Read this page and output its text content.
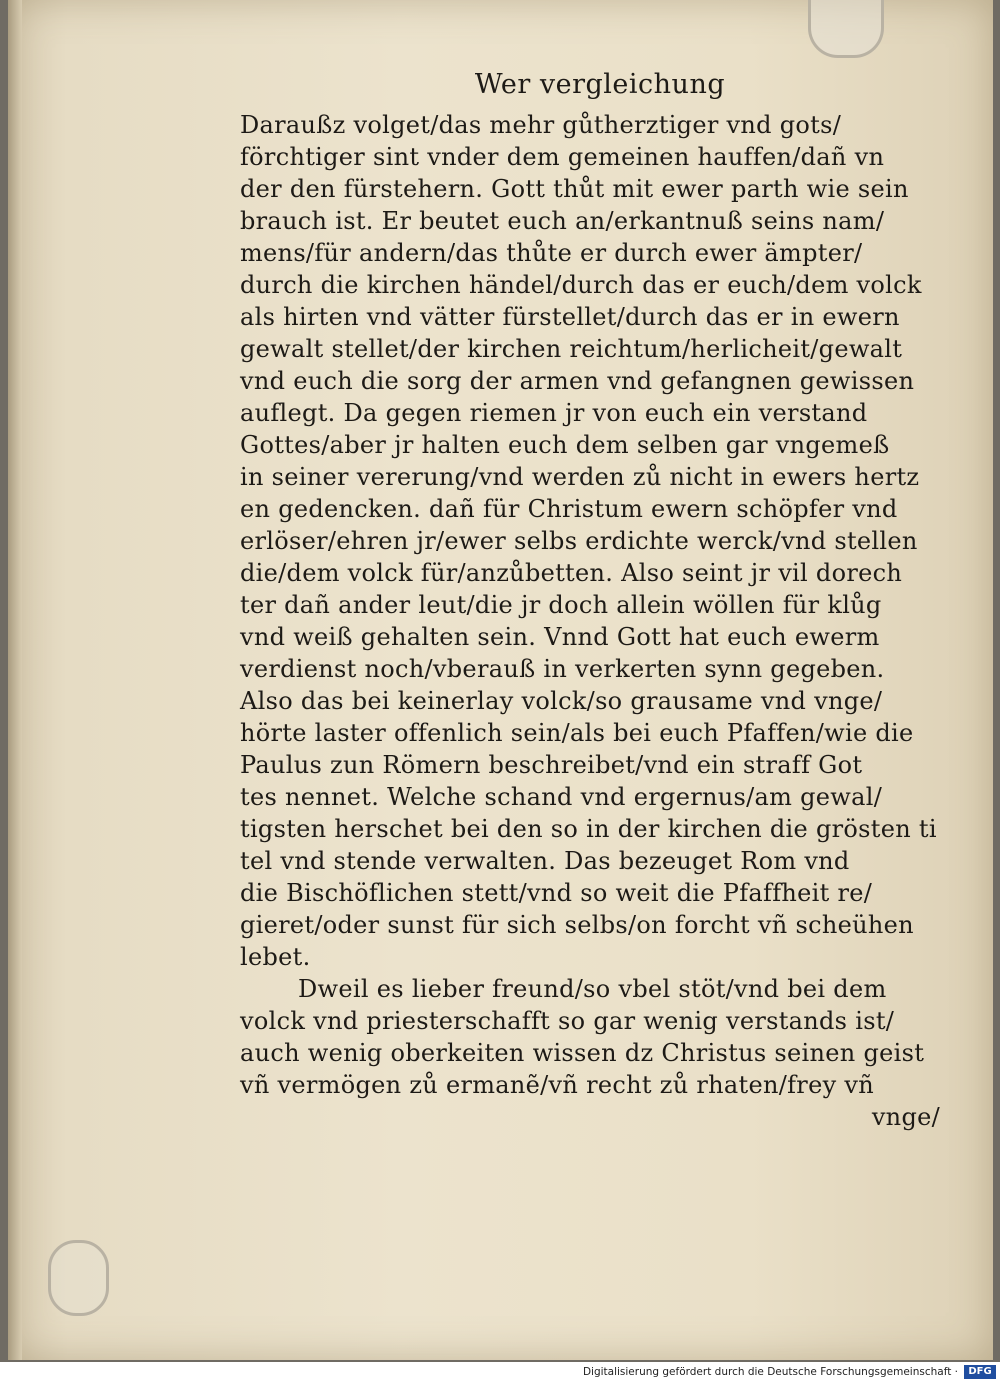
Wer vergleichung
Daraußz volget/das mehr gůtherztiger vnd gots/
förchtiger sint vnder dem gemeinen hauffen/dañ vn
der den fürstehern. Gott thůt mit ewer parth wie sein
brauch ist. Er beutet euch an/erkantnuß seins nam/
mens/für andern/das thůte er durch ewer ämpter/
durch die kirchen händel/durch das er euch/dem volck
als hirten vnd vätter fürstellet/durch das er in ewern
gewalt stellet/der kirchen reichtum/herlicheit/gewalt
vnd euch die sorg der armen vnd gefangnen gewissen
auflegt. Da gegen riemen jr von euch ein verstand
Gottes/aber jr halten euch dem selben gar vngemeß
in seiner vererung/vnd werden zů nicht in ewers hertz
en gedencken. dañ für Christum ewern schöpfer vnd
erlöser/ehren jr/ewer selbs erdichte werck/vnd stellen
die/dem volck für/anzůbetten. Also seint jr vil dorech
ter dañ ander leut/die jr doch allein wöllen für klůg
vnd weiß gehalten sein. Vnnd Gott hat euch ewerm
verdienst noch/vberauß in verkerten synn gegeben.
Also das bei keinerlay volck/so grausame vnd vnge/
hörte laster offenlich sein/als bei euch Pfaffen/wie die
Paulus zun Römern beschreibet/vnd ein straff Got
tes nennet. Welche schand vnd ergernus/am gewal/
tigsten herschet bei den so in der kirchen die grösten ti
tel vnd stende verwalten. Das bezeuget Rom vnd
die Bischöflichen stett/vnd so weit die Pfaffheit re/
gieret/oder sunst für sich selbs/on forcht vñ scheühen
lebet.
Dweil es lieber freund/so vbel stöt/vnd bei dem
volck vnd priesterschafft so gar wenig verstands ist/
auch wenig oberkeiten wissen dz Christus seinen geist
vñ vermögen zů ermanẽ/vñ recht zů rhaten/frey vñ
vnge/
Digitalisierung gefördert durch die Deutsche Forschungsgemeinschaft ·	DFG
